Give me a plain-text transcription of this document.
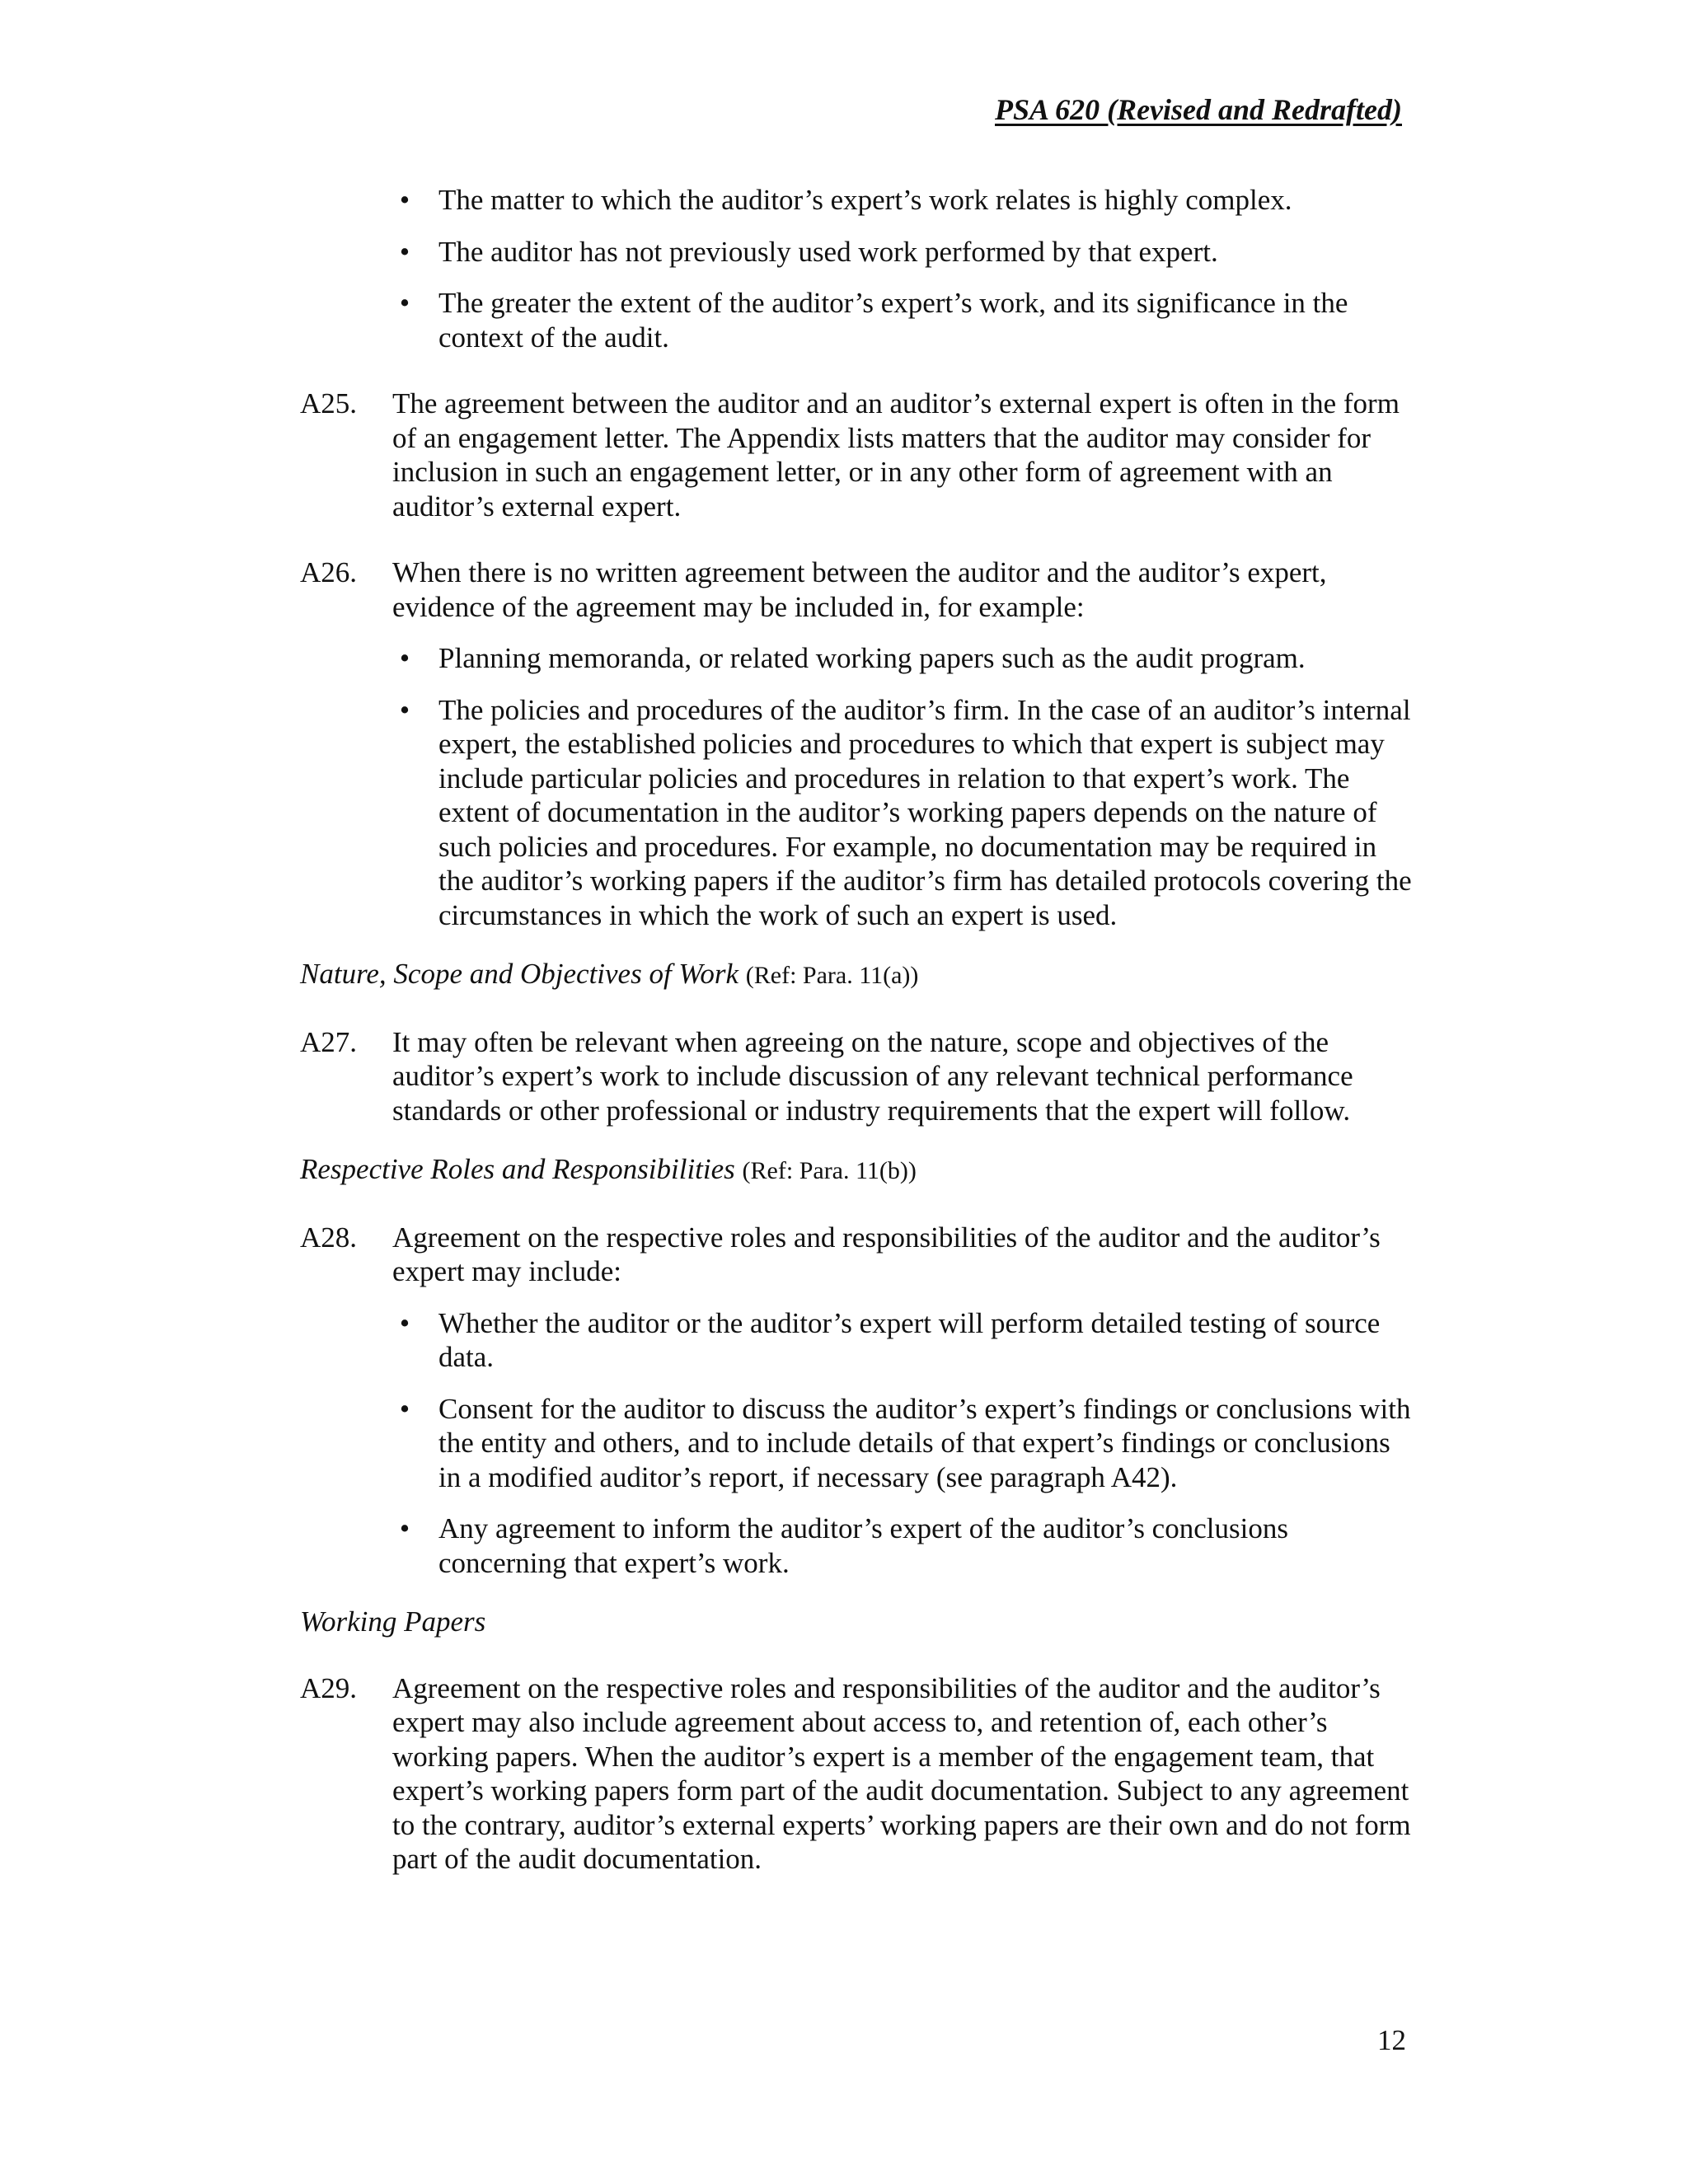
PSA 620 (Revised and Redrafted)
• The matter to which the auditor’s expert’s work relates is highly complex.
• The auditor has not previously used work performed by that expert.
• The greater the extent of the auditor’s expert’s work, and its significance in the context of the audit.
A25. The agreement between the auditor and an auditor’s external expert is often in the form of an engagement letter. The Appendix lists matters that the auditor may consider for inclusion in such an engagement letter, or in any other form of agreement with an auditor’s external expert.
A26. When there is no written agreement between the auditor and the auditor’s expert, evidence of the agreement may be included in, for example:
• Planning memoranda, or related working papers such as the audit program.
• The policies and procedures of the auditor’s firm. In the case of an auditor’s internal expert, the established policies and procedures to which that expert is subject may include particular policies and procedures in relation to that expert’s work. The extent of documentation in the auditor’s working papers depends on the nature of such policies and procedures. For example, no documentation may be required in the auditor’s working papers if the auditor’s firm has detailed protocols covering the circumstances in which the work of such an expert is used.
Nature, Scope and Objectives of Work (Ref: Para. 11(a))
A27. It may often be relevant when agreeing on the nature, scope and objectives of the auditor’s expert’s work to include discussion of any relevant technical performance standards or other professional or industry requirements that the expert will follow.
Respective Roles and Responsibilities (Ref: Para. 11(b))
A28. Agreement on the respective roles and responsibilities of the auditor and the auditor’s expert may include:
• Whether the auditor or the auditor’s expert will perform detailed testing of source data.
• Consent for the auditor to discuss the auditor’s expert’s findings or conclusions with the entity and others, and to include details of that expert’s findings or conclusions in a modified auditor’s report, if necessary (see paragraph A42).
• Any agreement to inform the auditor’s expert of the auditor’s conclusions concerning that expert’s work.
Working Papers
A29. Agreement on the respective roles and responsibilities of the auditor and the auditor’s expert may also include agreement about access to, and retention of, each other’s working papers. When the auditor’s expert is a member of the engagement team, that expert’s working papers form part of the audit documentation. Subject to any agreement to the contrary, auditor’s external experts’ working papers are their own and do not form part of the audit documentation.
12
